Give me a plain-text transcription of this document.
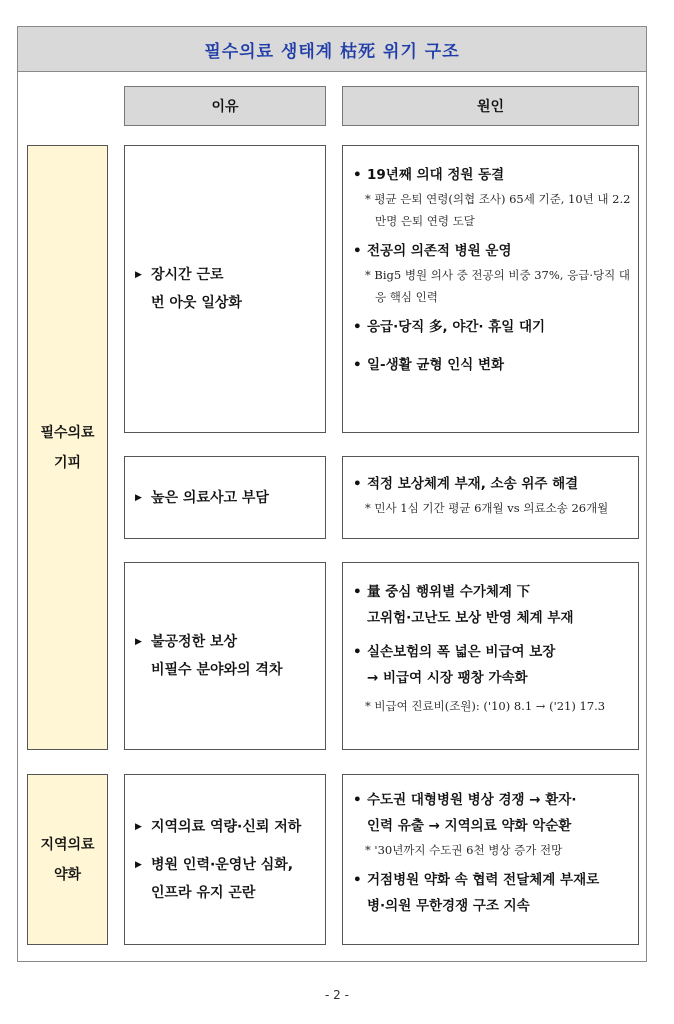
필수의료 생태계 枯死 위기 구조
이유	원인
필수의료
기피
▶ 장시간 근로
번 아웃 일상화
• 19년째 의대 정원 동결
* 평균 은퇴 연령(의협 조사) 65세 기준, 10년 내 2.2만명 은퇴 연령 도달
• 전공의 의존적 병원 운영
* Big5 병원 의사 중 전공의 비중 37%, 응급·당직 대응 핵심 인력
• 응급·당직 多, 야간· 휴일 대기
• 일-생활 균형 인식 변화
▶ 높은 의료사고 부담
• 적정 보상체계 부재, 소송 위주 해결
* 민사 1심 기간 평균 6개월 vs 의료소송 26개월
▶ 불공정한 보상
비필수 분야와의 격차
• 量 중심 행위별 수가체계 下
고위험·고난도 보상 반영 체계 부재
• 실손보험의 폭 넓은 비급여 보장
→ 비급여 시장 팽창 가속화
* 비급여 진료비(조원): ('10) 8.1 → ('21) 17.3
지역의료
약화
▶ 지역의료 역량·신뢰 저하
▶ 병원 인력·운영난 심화,
인프라 유지 곤란
• 수도권 대형병원 병상 경쟁 → 환자·
인력 유출 → 지역의료 약화 악순환
* '30년까지 수도권 6천 병상 증가 전망
• 거점병원 약화 속 협력 전달체계 부재로
병·의원 무한경쟁 구조 지속
- 2 -
